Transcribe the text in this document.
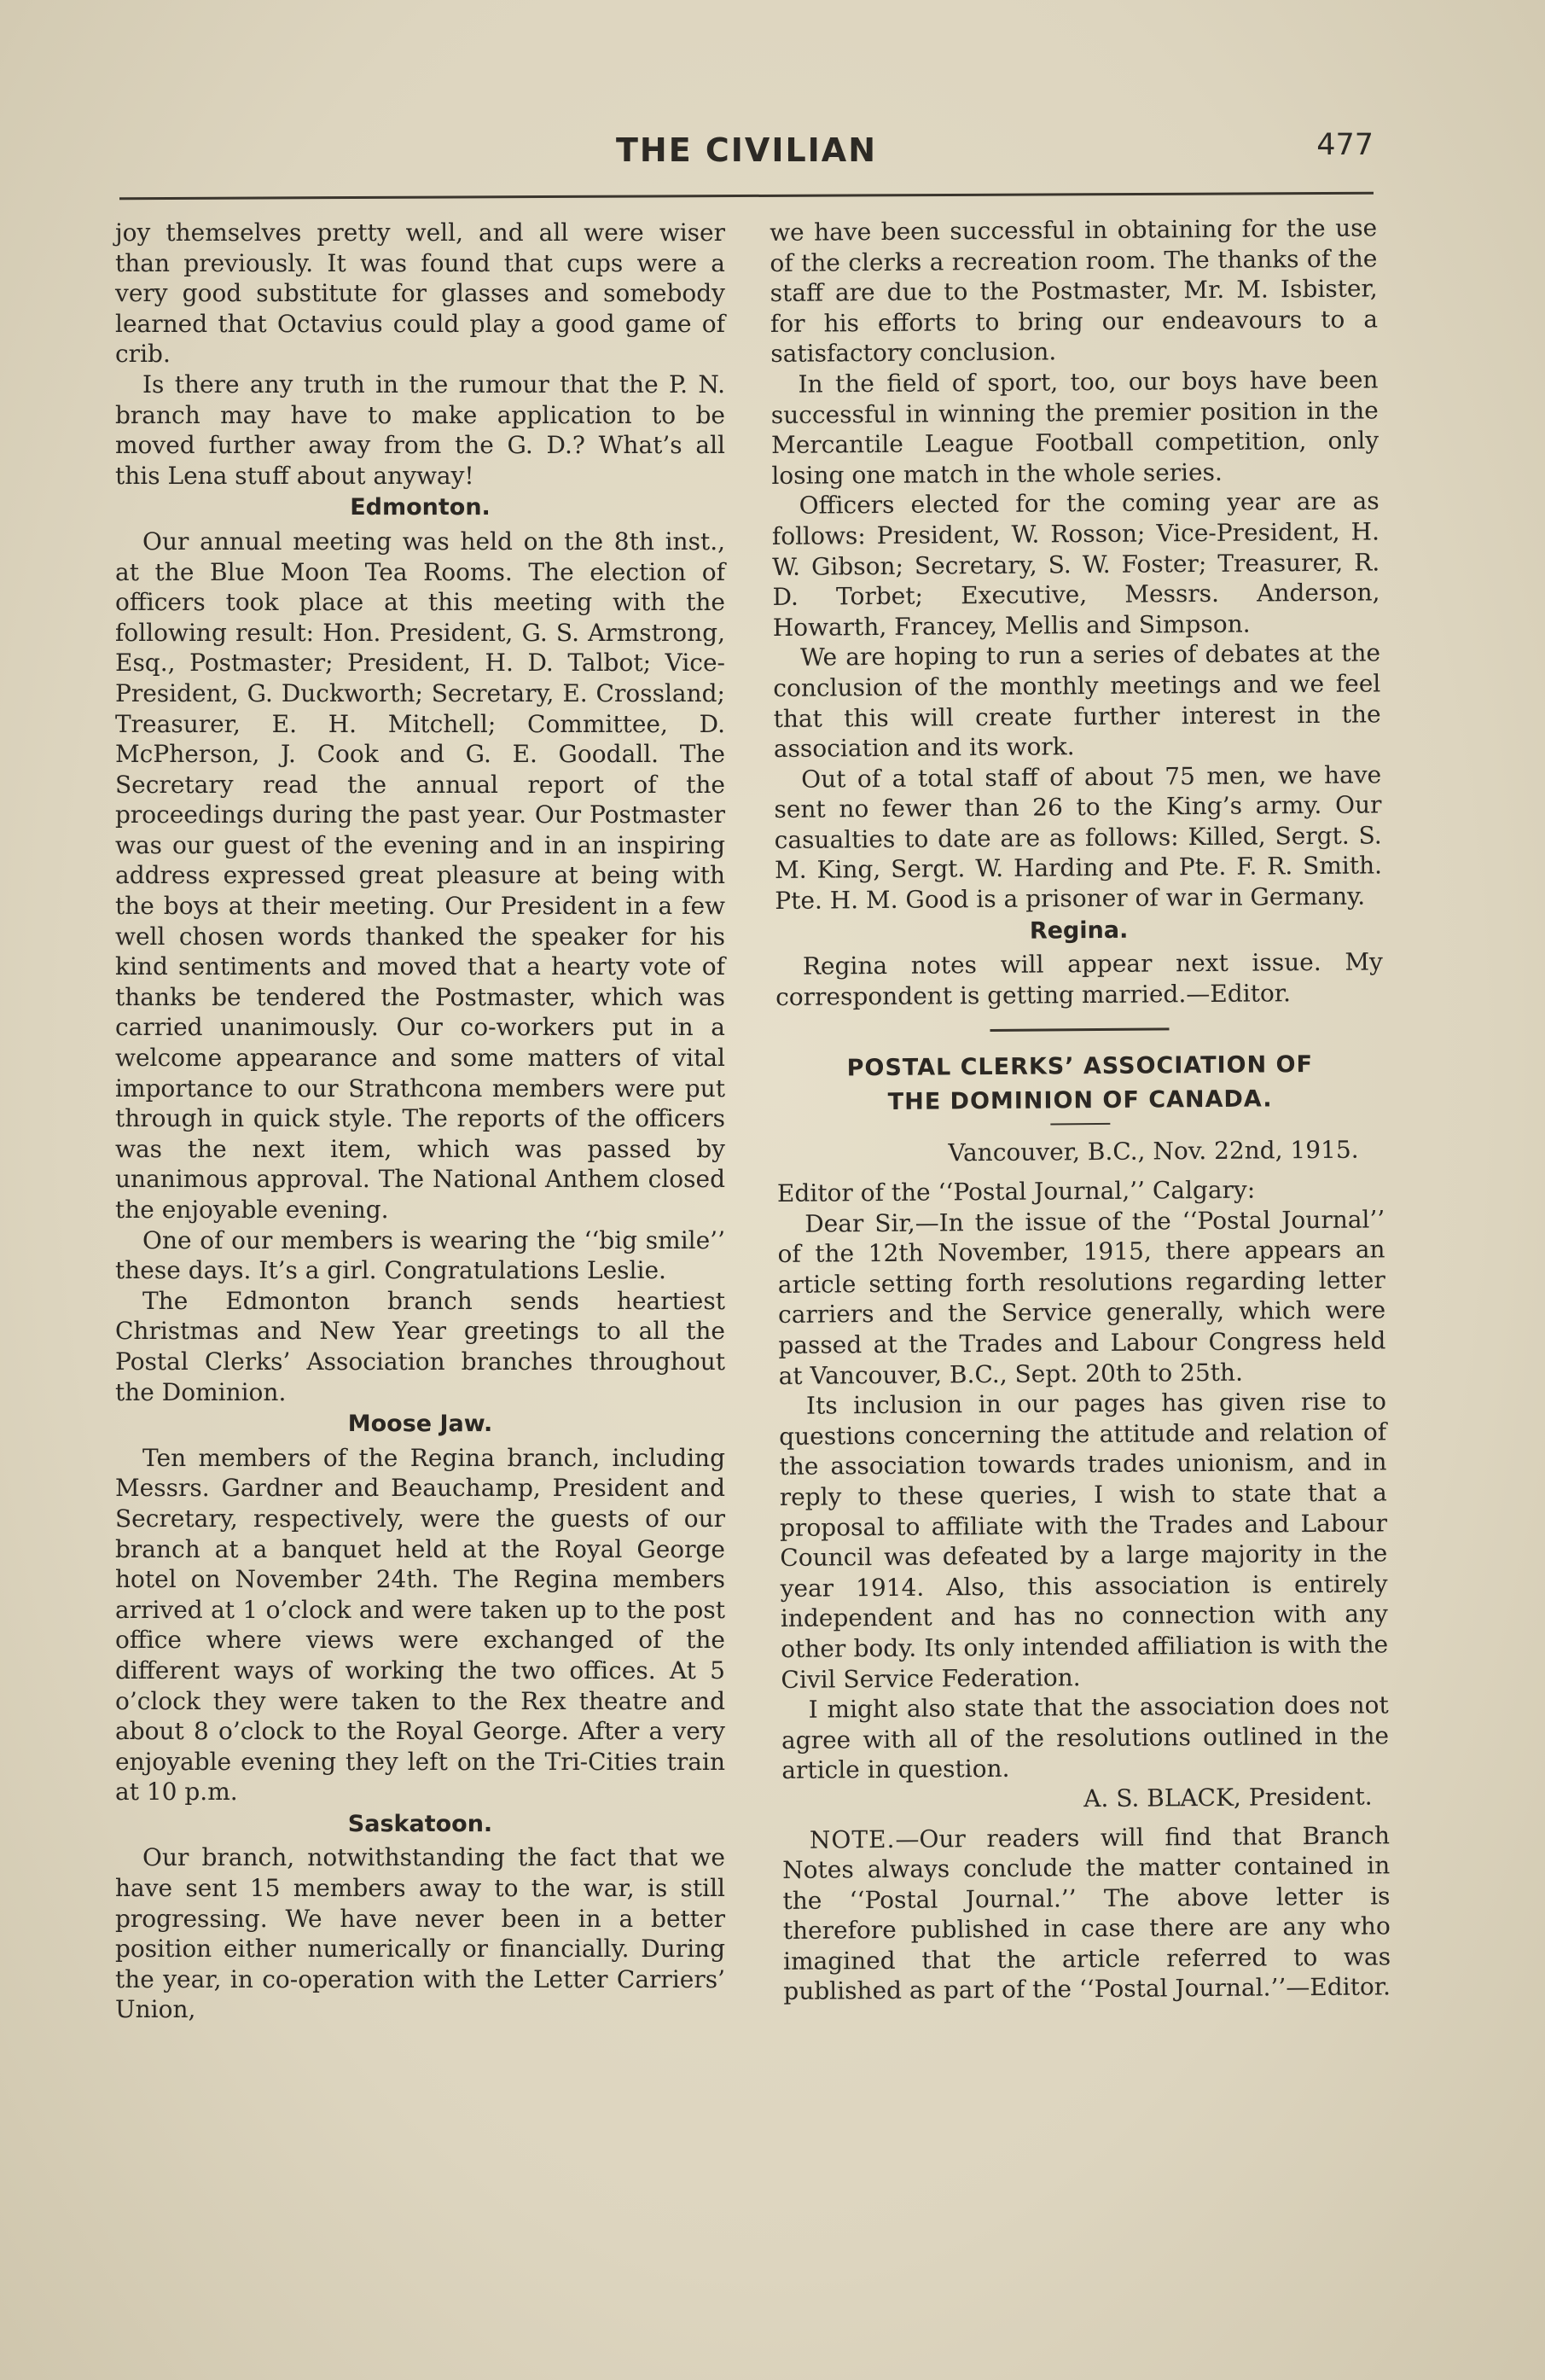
THE CIVILIAN	477

joy themselves pretty well, and all were wiser than previously. It was found that cups were a very good substitute for glasses and somebody learned that Octavius could play a good game of crib.

Is there any truth in the rumour that the P. N. branch may have to make application to be moved further away from the G. D.? What’s all this Lena stuff about anyway!

Edmonton.

Our annual meeting was held on the 8th inst., at the Blue Moon Tea Rooms. The election of officers took place at this meeting with the following result: Hon. President, G. S. Armstrong, Esq., Postmaster; President, H. D. Talbot; Vice-President, G. Duckworth; Secretary, E. Crossland; Treasurer, E. H. Mitchell; Committee, D. McPherson, J. Cook and G. E. Goodall. The Secretary read the annual report of the proceedings during the past year. Our Postmaster was our guest of the evening and in an inspiring address expressed great pleasure at being with the boys at their meeting. Our President in a few well chosen words thanked the speaker for his kind sentiments and moved that a hearty vote of thanks be tendered the Postmaster, which was carried unanimously. Our co-workers put in a welcome appearance and some matters of vital importance to our Strathcona members were put through in quick style. The reports of the officers was the next item, which was passed by unanimous approval. The National Anthem closed the enjoyable evening.

One of our members is wearing the ‘‘big smile’’ these days. It’s a girl. Congratulations Leslie.

The Edmonton branch sends heartiest Christmas and New Year greetings to all the Postal Clerks’ Association branches throughout the Dominion.

Moose Jaw.

Ten members of the Regina branch, including Messrs. Gardner and Beauchamp, President and Secretary, respectively, were the guests of our branch at a banquet held at the Royal George hotel on November 24th. The Regina members arrived at 1 o’clock and were taken up to the post office where views were exchanged of the different ways of working the two offices. At 5 o’clock they were taken to the Rex theatre and about 8 o’clock to the Royal George. After a very enjoyable evening they left on the Tri-Cities train at 10 p.m.

Saskatoon.

Our branch, notwithstanding the fact that we have sent 15 members away to the war, is still progressing. We have never been in a better position either numerically or financially. During the year, in co-operation with the Letter Carriers’ Union,

we have been successful in obtaining for the use of the clerks a recreation room. The thanks of the staff are due to the Postmaster, Mr. M. Isbister, for his efforts to bring our endeavours to a satisfactory conclusion.

In the field of sport, too, our boys have been successful in winning the premier position in the Mercantile League Football competition, only losing one match in the whole series.

Officers elected for the coming year are as follows: President, W. Rosson; Vice-President, H. W. Gibson; Secretary, S. W. Foster; Treasurer, R. D. Torbet; Executive, Messrs. Anderson, Howarth, Francey, Mellis and Simpson.

We are hoping to run a series of debates at the conclusion of the monthly meetings and we feel that this will create further interest in the association and its work.

Out of a total staff of about 75 men, we have sent no fewer than 26 to the King’s army. Our casualties to date are as follows: Killed, Sergt. S. M. King, Sergt. W. Harding and Pte. F. R. Smith. Pte. H. M. Good is a prisoner of war in Germany.

Regina.

Regina notes will appear next issue. My correspondent is getting married.—Editor.

POSTAL CLERKS’ ASSOCIATION OF
THE DOMINION OF CANADA.

Vancouver, B.C., Nov. 22nd, 1915.

Editor of the ‘‘Postal Journal,’’ Calgary:

Dear Sir,—In the issue of the ‘‘Postal Journal’’ of the 12th November, 1915, there appears an article setting forth resolutions regarding letter carriers and the Service generally, which were passed at the Trades and Labour Congress held at Vancouver, B.C., Sept. 20th to 25th.

Its inclusion in our pages has given rise to questions concerning the attitude and relation of the association towards trades unionism, and in reply to these queries, I wish to state that a proposal to affiliate with the Trades and Labour Council was defeated by a large majority in the year 1914. Also, this association is entirely independent and has no connection with any other body. Its only intended affiliation is with the Civil Service Federation.

I might also state that the association does not agree with all of the resolutions outlined in the article in question.

A. S. BLACK, President.

NOTE.—Our readers will find that Branch Notes always conclude the matter contained in the ‘‘Postal Journal.’’ The above letter is therefore published in case there are any who imagined that the article referred to was published as part of the ‘‘Postal Journal.’’—Editor.
